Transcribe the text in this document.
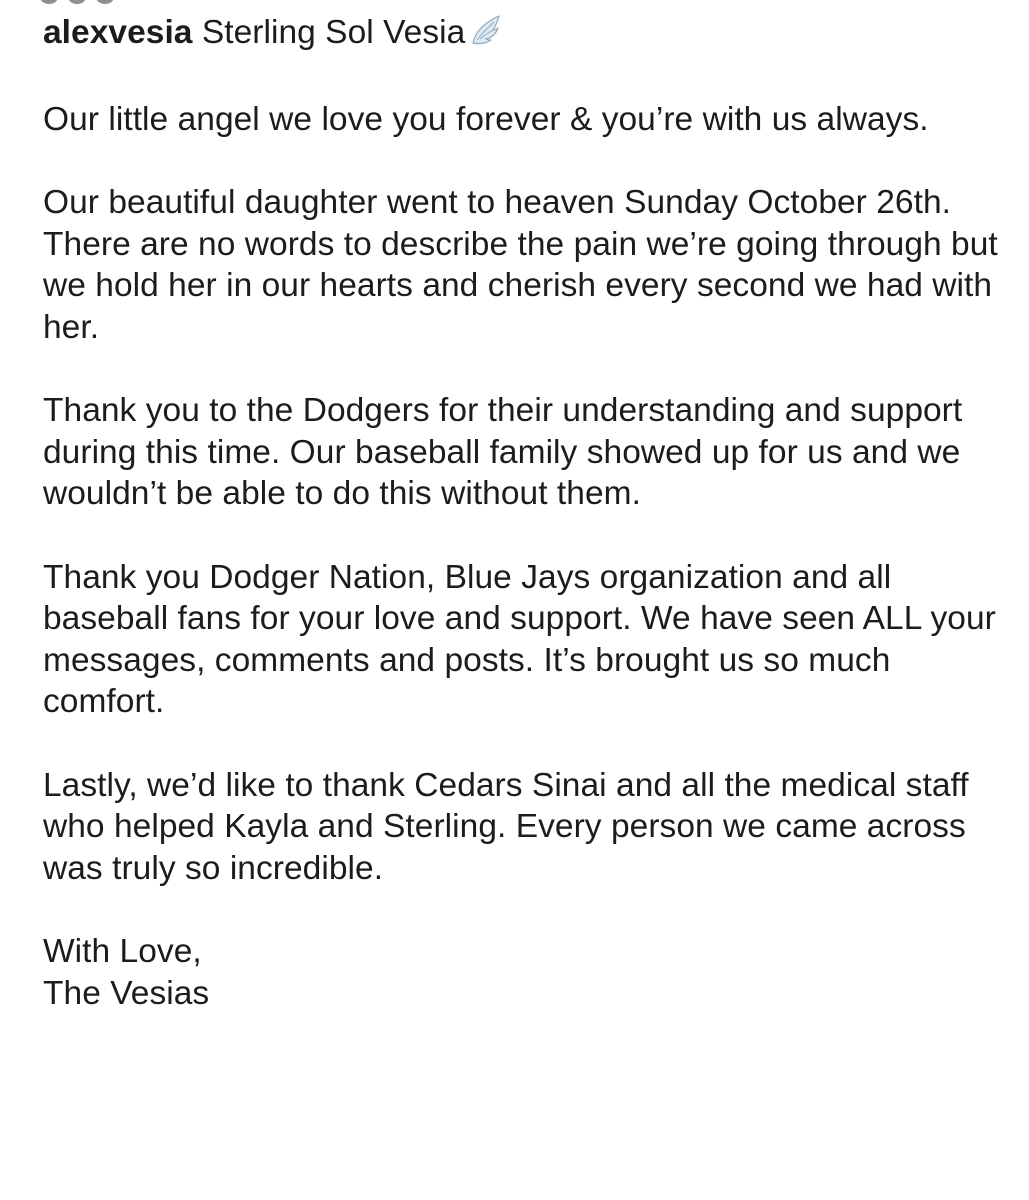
alexvesia Sterling Sol Vesia

Our little angel we love you forever & you’re with us always.

Our beautiful daughter went to heaven Sunday October 26th. There are no words to describe the pain we’re going through but we hold her in our hearts and cherish every second we had with her.

Thank you to the Dodgers for their understanding and support during this time. Our baseball family showed up for us and we wouldn’t be able to do this without them.

Thank you Dodger Nation, Blue Jays organization and all baseball fans for your love and support. We have seen ALL your messages, comments and posts. It’s brought us so much comfort.

Lastly, we’d like to thank Cedars Sinai and all the medical staff who helped Kayla and Sterling. Every person we came across was truly so incredible.

With Love,
The Vesias
